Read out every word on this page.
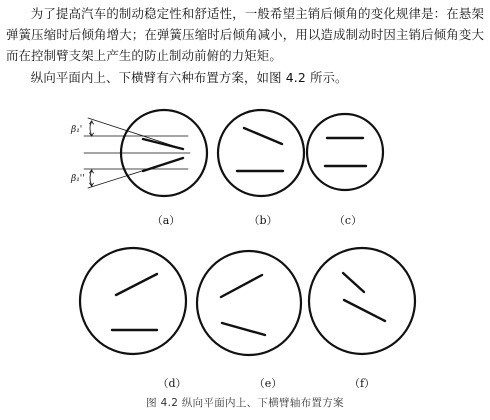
为了提高汽车的制动稳定性和舒适性，一般希望主销后倾角的变化规律是：在悬架弹簧压缩时后倾角增大；在弹簧压缩时后倾角减小，用以造成制动时因主销后倾角变大而在控制臂支架上产生的防止制动前俯的力矩矩。

纵向平面内上、下横臂有六种布置方案，如图 4.2 所示。

β₁'
β₁''
（a）	（b）	（c）
（d）	（e）	（f）
图 4.2 纵向平面内上、下横臂轴布置方案
